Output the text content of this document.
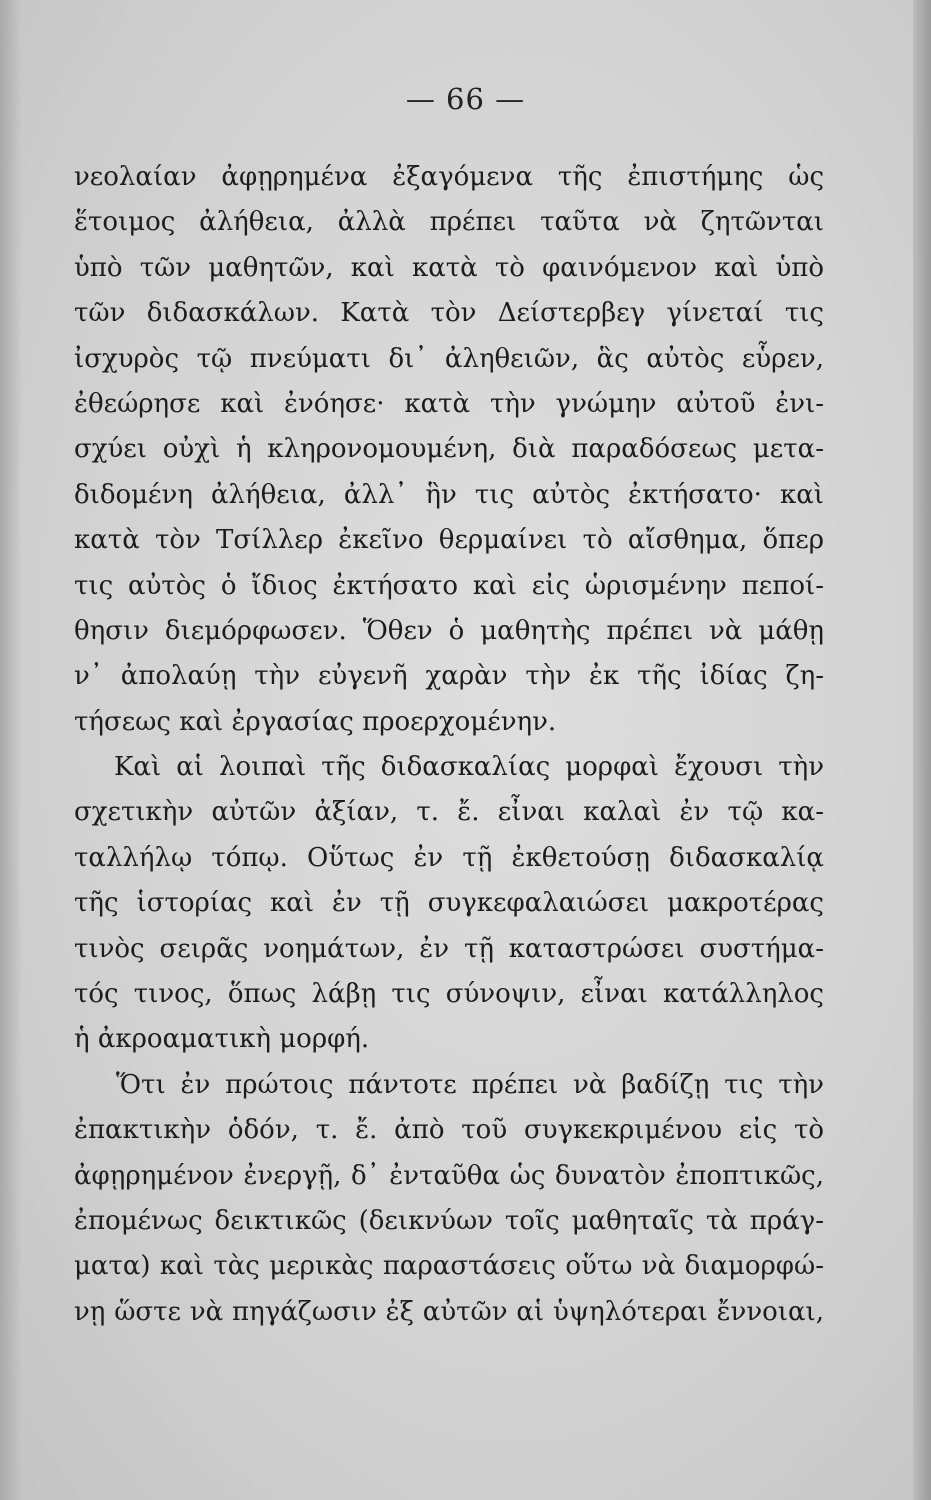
— 66 —
νεολαίαν ἀφῃρημένα ἐξαγόμενα τῆς ἐπιστήμης ὡς
ἕτοιμος ἀλήθεια, ἀλλὰ πρέπει ταῦτα νὰ ζητῶνται
ὑπὸ τῶν μαθητῶν, καὶ κατὰ τὸ φαινόμενον καὶ ὑπὸ
τῶν διδασκάλων. Κατὰ τὸν Δείστερβεγ γίνεταί τις
ἰσχυρὸς τῷ πνεύματι δι᾽ ἀληθειῶν, ἃς αὐτὸς εὗρεν,
ἐθεώρησε καὶ ἐνόησε· κατὰ τὴν γνώμην αὐτοῦ ἐνι-
σχύει οὐχὶ ἡ κληρονομουμένη, διὰ παραδόσεως μετα-
διδομένη ἀλήθεια, ἀλλ᾽ ἣν τις αὐτὸς ἐκτήσατο· καὶ
κατὰ τὸν Τσίλλερ ἐκεῖνο θερμαίνει τὸ αἴσθημα, ὅπερ
τις αὐτὸς ὁ ἴδιος ἐκτήσατο καὶ εἰς ὡρισμένην πεποί-
θησιν διεμόρφωσεν. Ὅθεν ὁ μαθητὴς πρέπει νὰ μάθῃ
ν᾽ ἀπολαύῃ τὴν εὐγενῆ χαρὰν τὴν ἐκ τῆς ἰδίας ζη-
τήσεως καὶ ἐργασίας προερχομένην.
Καὶ αἱ λοιπαὶ τῆς διδασκαλίας μορφαὶ ἔχουσι τὴν
σχετικὴν αὐτῶν ἀξίαν, τ. ἔ. εἶναι καλαὶ ἐν τῷ κα-
ταλλήλῳ τόπῳ. Οὕτως ἐν τῇ ἐκθετούσῃ διδασκαλίᾳ
τῆς ἱστορίας καὶ ἐν τῇ συγκεφαλαιώσει μακροτέρας
τινὸς σειρᾶς νοημάτων, ἐν τῇ καταστρώσει συστήμα-
τός τινος, ὅπως λάβῃ τις σύνοψιν, εἶναι κατάλληλος
ἡ ἀκροαματικὴ μορφή.
Ὅτι ἐν πρώτοις πάντοτε πρέπει νὰ βαδίζῃ τις τὴν
ἐπακτικὴν ὁδόν, τ. ἔ. ἀπὸ τοῦ συγκεκριμένου εἰς τὸ
ἀφῃρημένον ἐνεργῇ, δ᾽ ἐνταῦθα ὡς δυνατὸν ἐποπτικῶς,
ἐπομένως δεικτικῶς (δεικνύων τοῖς μαθηταῖς τὰ πράγ-
ματα) καὶ τὰς μερικὰς παραστάσεις οὕτω νὰ διαμορφώ-
νῃ ὥστε νὰ πηγάζωσιν ἐξ αὐτῶν αἱ ὑψηλότεραι ἔννοιαι,
